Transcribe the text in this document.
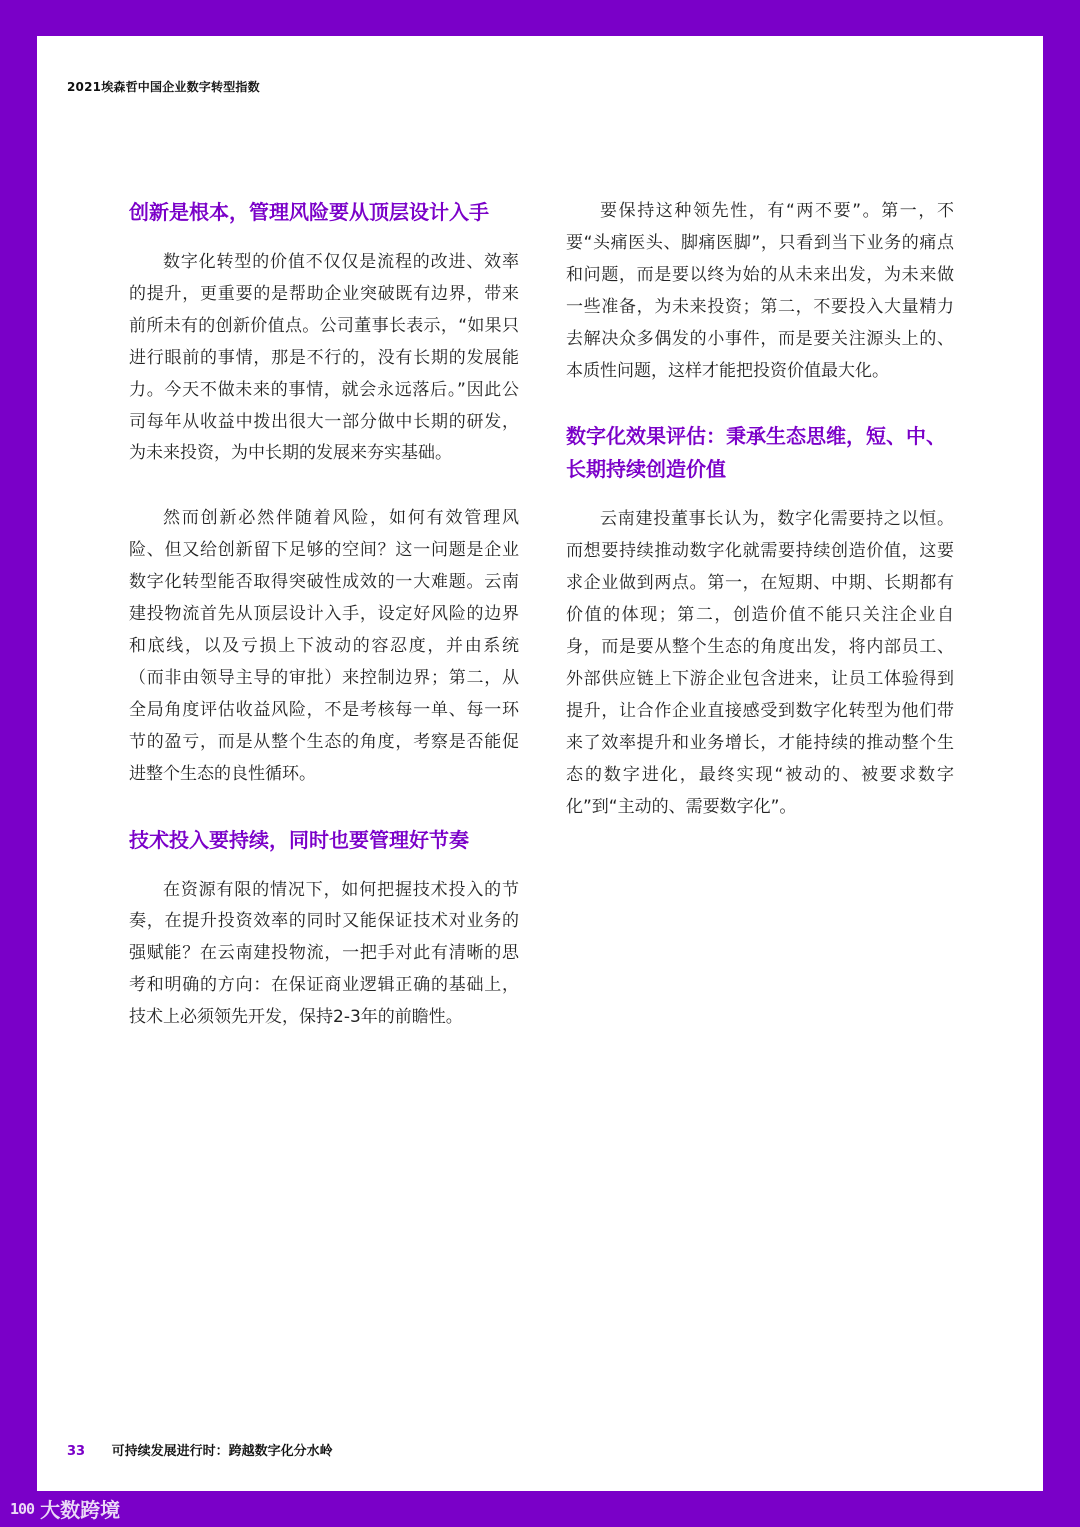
2021埃森哲中国企业数字转型指数
创新是根本，管理风险要从顶层设计入手

数字化转型的价值不仅仅是流程的改进、效率的提升，更重要的是帮助企业突破既有边界，带来前所未有的创新价值点。公司董事长表示，“如果只进行眼前的事情，那是不行的，没有长期的发展能力。今天不做未来的事情，就会永远落后。”因此公司每年从收益中拨出很大一部分做中长期的研发，为未来投资，为中长期的发展来夯实基础。

然而创新必然伴随着风险，如何有效管理风险、但又给创新留下足够的空间？这一问题是企业数字化转型能否取得突破性成效的一大难题。云南建投物流首先从顶层设计入手，设定好风险的边界和底线，以及亏损上下波动的容忍度，并由系统（而非由领导主导的审批）来控制边界；第二，从全局角度评估收益风险，不是考核每一单、每一环节的盈亏，而是从整个生态的角度，考察是否能促进整个生态的良性循环。

技术投入要持续，同时也要管理好节奏

在资源有限的情况下，如何把握技术投入的节奏，在提升投资效率的同时又能保证技术对业务的强赋能？在云南建投物流，一把手对此有清晰的思考和明确的方向：在保证商业逻辑正确的基础上，技术上必须领先开发，保持2-3年的前瞻性。

要保持这种领先性，有“两不要”。第一，不要“头痛医头、脚痛医脚”，只看到当下业务的痛点和问题，而是要以终为始的从未来出发，为未来做一些准备，为未来投资；第二，不要投入大量精力去解决众多偶发的小事件，而是要关注源头上的、本质性问题，这样才能把投资价值最大化。

数字化效果评估：秉承生态思维，短、中、长期持续创造价值

云南建投董事长认为，数字化需要持之以恒。而想要持续推动数字化就需要持续创造价值，这要求企业做到两点。第一，在短期、中期、长期都有价值的体现；第二，创造价值不能只关注企业自身，而是要从整个生态的角度出发，将内部员工、外部供应链上下游企业包含进来，让员工体验得到提升，让合作企业直接感受到数字化转型为他们带来了效率提升和业务增长，才能持续的推动整个生态的数字进化，最终实现“被动的、被要求数字化”到“主动的、需要数字化”。

33 可持续发展进行时：跨越数字化分水岭
100 大数跨境
